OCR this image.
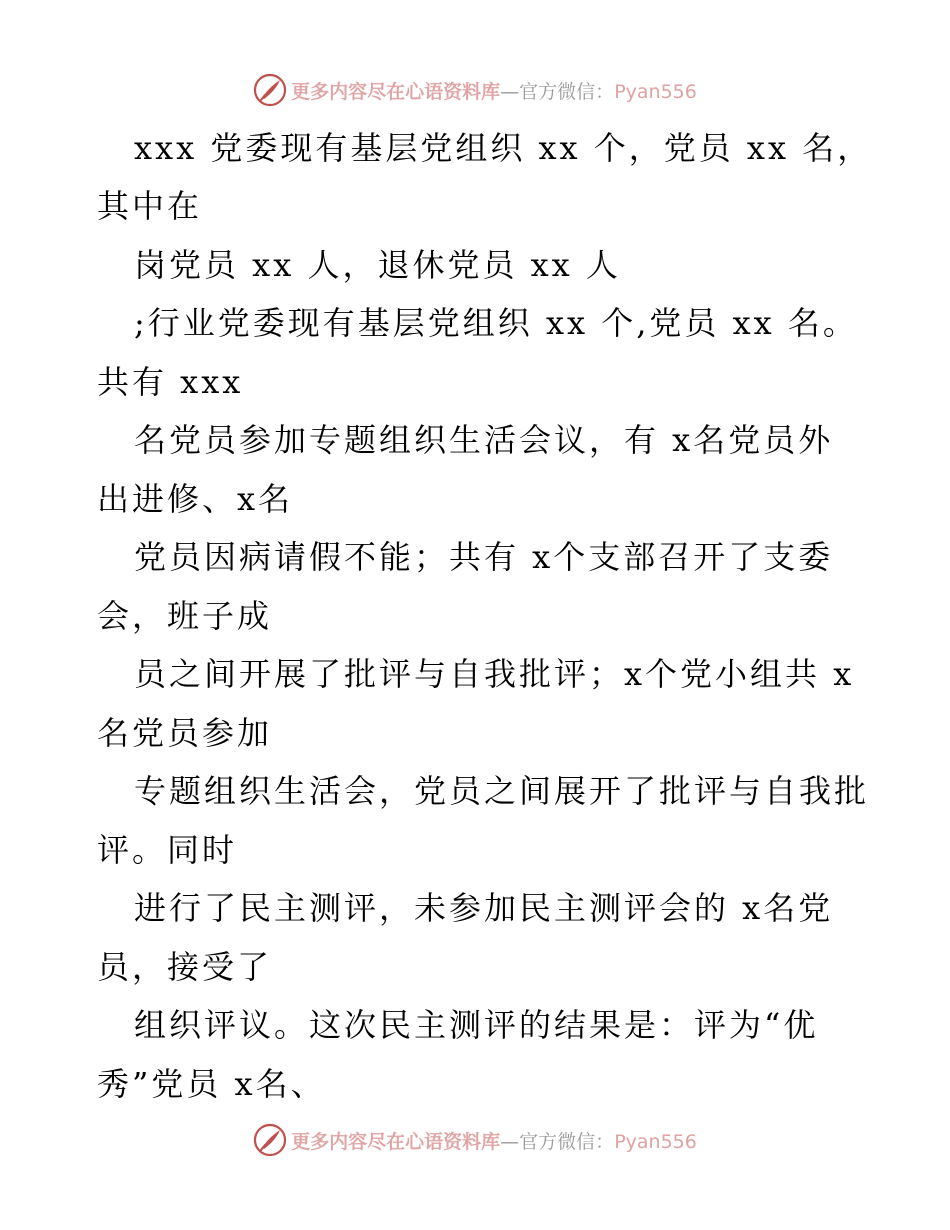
更多内容尽在心语资料库—官方微信：Pyan556
xxx 党委现有基层党组织 xx 个，党员 xx 名，
其中在
岗党员 xx 人，退休党员 xx 人
;行业党委现有基层党组织 xx 个,党员 xx 名。
共有 xxx
名党员参加专题组织生活会议，有 x名党员外
出进修、x名
党员因病请假不能；共有 x个支部召开了支委
会，班子成
员之间开展了批评与自我批评；x个党小组共 x
名党员参加
专题组织生活会，党员之间展开了批评与自我批
评。同时
进行了民主测评，未参加民主测评会的 x名党
员，接受了
组织评议。这次民主测评的结果是：评为“优
秀”党员 x名、
更多内容尽在心语资料库—官方微信：Pyan556
